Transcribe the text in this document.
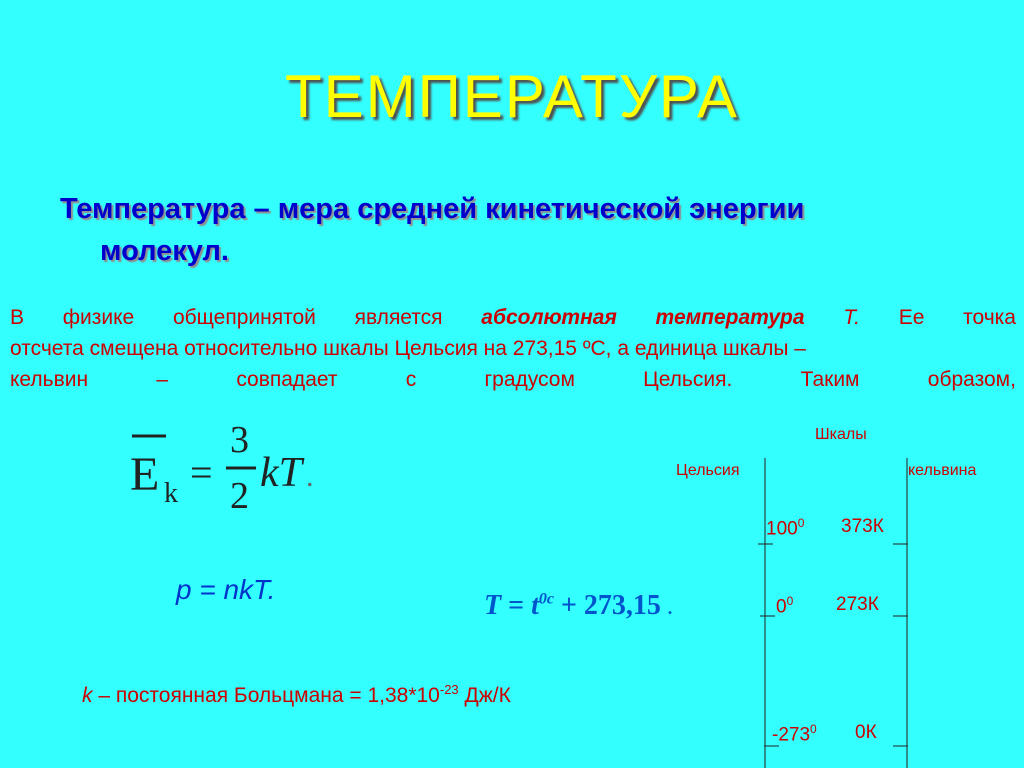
ТЕМПЕРАТУРА
Температура – мера средней кинетической энергии
молекул.
В физике общепринятой является абсолютная температура T. Ее точка
отсчета смещена относительно шкалы Цельсия на 273,15 ºС, а единица шкалы –
кельвин	–	совпадает	с	градусом	Цельсия.	Таким	образом,
E k =
3
2 kT .
p = nkT.
$T = t^{0c} + 273,15$ .
k – постоянная Больцмана = $1,38*10^{-23}$ Дж/К
Шкалы
Цельсия	кельвина
$100^0$ 373К
$0^0$ 273К
$-273^0$ 0К
